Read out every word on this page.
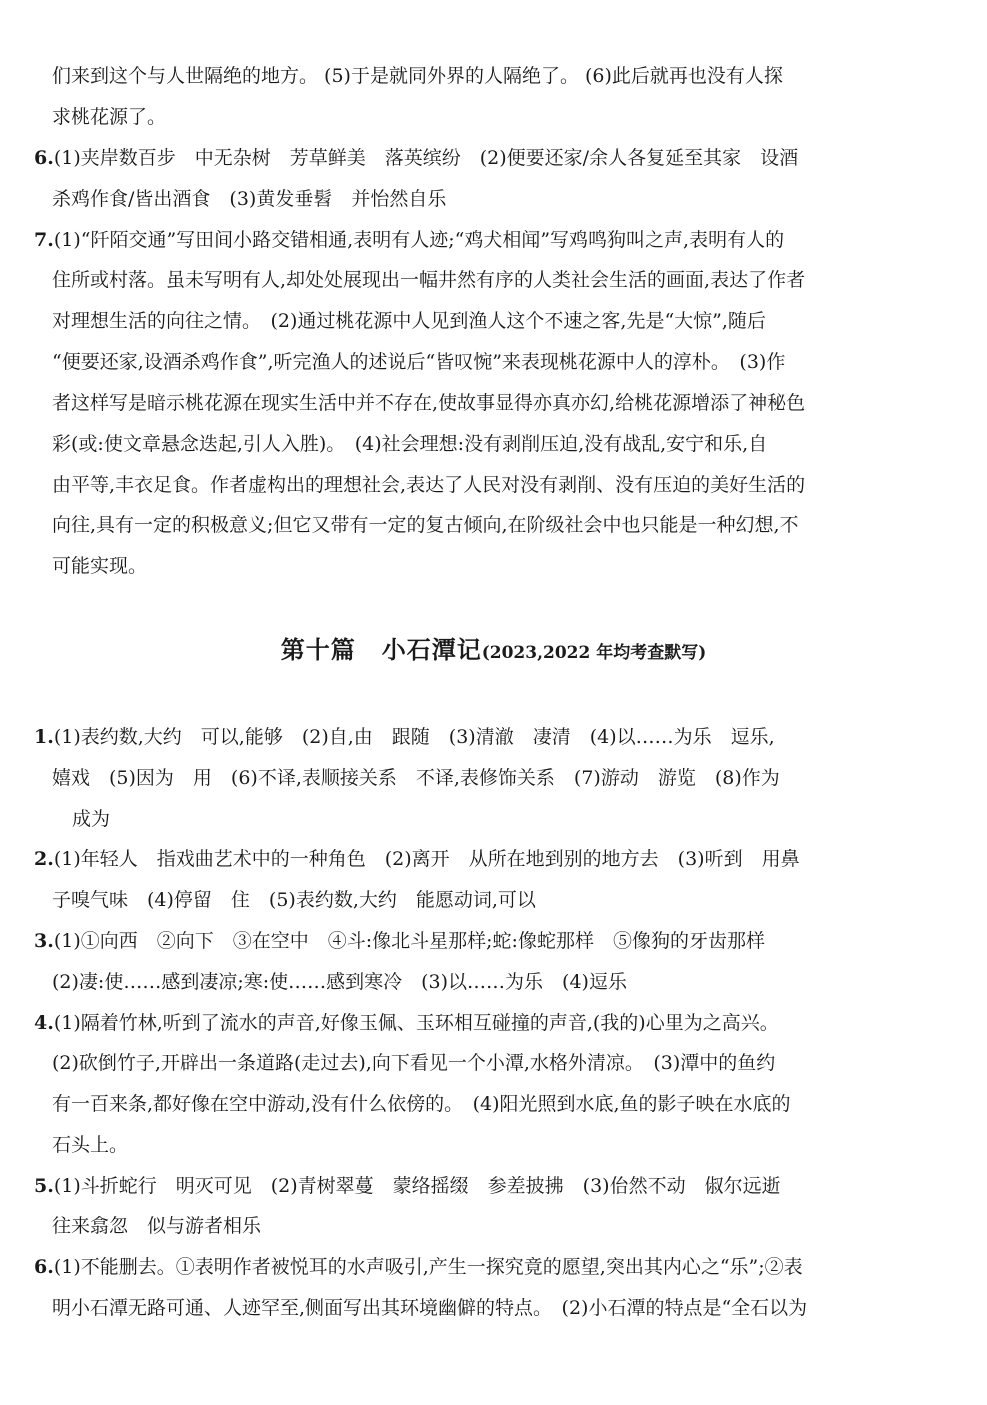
们来到这个与人世隔绝的地方。 (5)于是就同外界的人隔绝了。 (6)此后就再也没有人探

求桃花源了。

6.(1)夹岸数百步　中无杂树　芳草鲜美　落英缤纷　(2)便要还家/余人各复延至其家　设酒

杀鸡作食/皆出酒食　(3)黄发垂髫　并怡然自乐

7.(1)“阡陌交通”写田间小路交错相通,表明有人迹;“鸡犬相闻”写鸡鸣狗叫之声,表明有人的

住所或村落。虽未写明有人,却处处展现出一幅井然有序的人类社会生活的画面,表达了作者

对理想生活的向往之情。　(2)通过桃花源中人见到渔人这个不速之客,先是“大惊”,随后

“便要还家,设酒杀鸡作食”,听完渔人的述说后“皆叹惋”来表现桃花源中人的淳朴。　(3)作

者这样写是暗示桃花源在现实生活中并不存在,使故事显得亦真亦幻,给桃花源增添了神秘色

彩(或:使文章悬念迭起,引人入胜)。　(4)社会理想:没有剥削压迫,没有战乱,安宁和乐,自

由平等,丰衣足食。作者虚构出的理想社会,表达了人民对没有剥削、没有压迫的美好生活的

向往,具有一定的积极意义;但它又带有一定的复古倾向,在阶级社会中也只能是一种幻想,不

可能实现。

第十篇 小石潭记(2023,2022 年均考查默写)

1.(1)表约数,大约　可以,能够　(2)自,由　跟随　(3)清澈　凄清　(4)以……为乐　逗乐,

嬉戏　(5)因为　用　(6)不译,表顺接关系　不译,表修饰关系　(7)游动　游览　(8)作为

成为

2.(1)年轻人　指戏曲艺术中的一种角色　(2)离开　从所在地到别的地方去　(3)听到　用鼻

子嗅气味　(4)停留　住　(5)表约数,大约　能愿动词,可以

3.(1)①向西　②向下　③在空中　④斗:像北斗星那样;蛇:像蛇那样　⑤像狗的牙齿那样

(2)凄:使……感到凄凉;寒:使……感到寒冷　(3)以……为乐　(4)逗乐

4.(1)隔着竹林,听到了流水的声音,好像玉佩、玉环相互碰撞的声音,(我的)心里为之高兴。

(2)砍倒竹子,开辟出一条道路(走过去),向下看见一个小潭,水格外清凉。　(3)潭中的鱼约

有一百来条,都好像在空中游动,没有什么依傍的。　(4)阳光照到水底,鱼的影子映在水底的

石头上。

5.(1)斗折蛇行　明灭可见　(2)青树翠蔓　蒙络摇缀　参差披拂　(3)佁然不动　俶尔远逝

往来翕忽　似与游者相乐

6.(1)不能删去。①表明作者被悦耳的水声吸引,产生一探究竟的愿望,突出其内心之“乐”;②表

明小石潭无路可通、人迹罕至,侧面写出其环境幽僻的特点。　(2)小石潭的特点是“全石以为
